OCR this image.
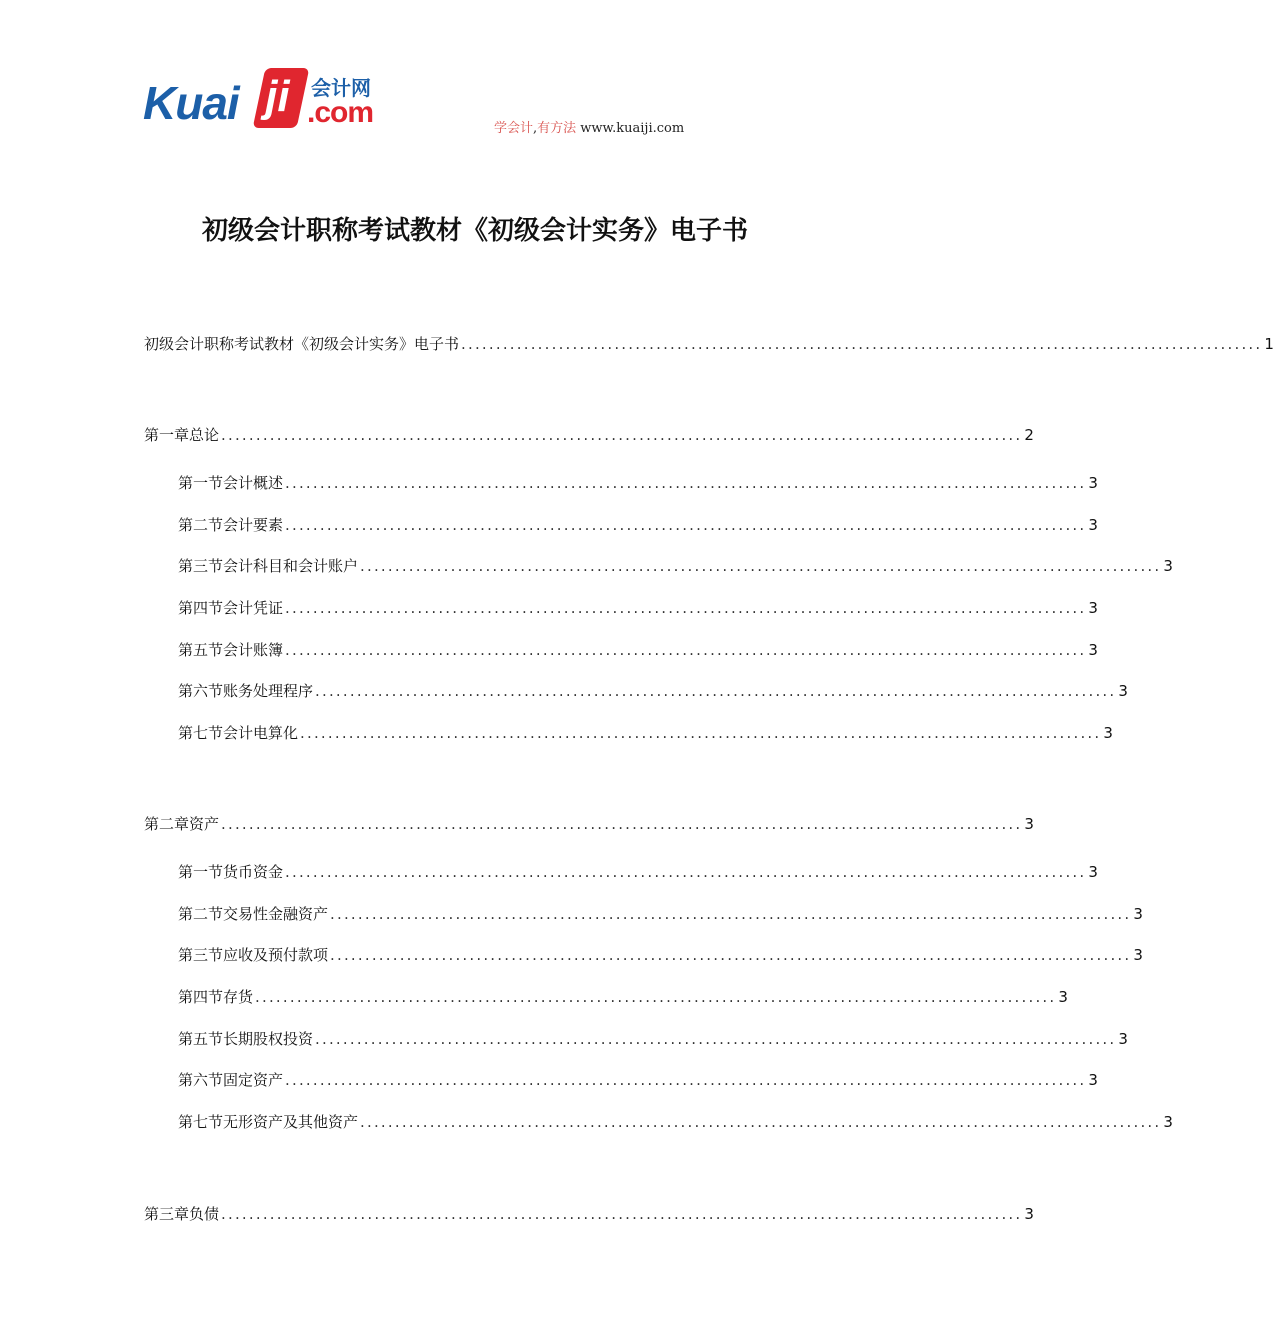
Kuai ji 会计网
.com	学会计,有方法 www.kuaiji.com
初级会计职称考试教材《初级会计实务》电子书
初级会计职称考试教材《初级会计实务》电子书 ................................................................................................................... 1
第一章 总论 ................................................................................................................... 2
第一节 会计概述 ................................................................................................................... 3
第二节 会计要素 ................................................................................................................... 3
第三节 会计科目和会计账户 ................................................................................................................... 3
第四节 会计凭证 ................................................................................................................... 3
第五节 会计账簿 ................................................................................................................... 3
第六节 账务处理程序 ................................................................................................................... 3
第七节 会计电算化 ................................................................................................................... 3
第二章 资产 ................................................................................................................... 3
第一节 货币资金 ................................................................................................................... 3
第二节 交易性金融资产 ................................................................................................................... 3
第三节 应收及预付款项 ................................................................................................................... 3
第四节 存货 ................................................................................................................... 3
第五节 长期股权投资 ................................................................................................................... 3
第六节 固定资产 ................................................................................................................... 3
第七节 无形资产及其他资产 ................................................................................................................... 3
第三章 负债 ................................................................................................................... 3
